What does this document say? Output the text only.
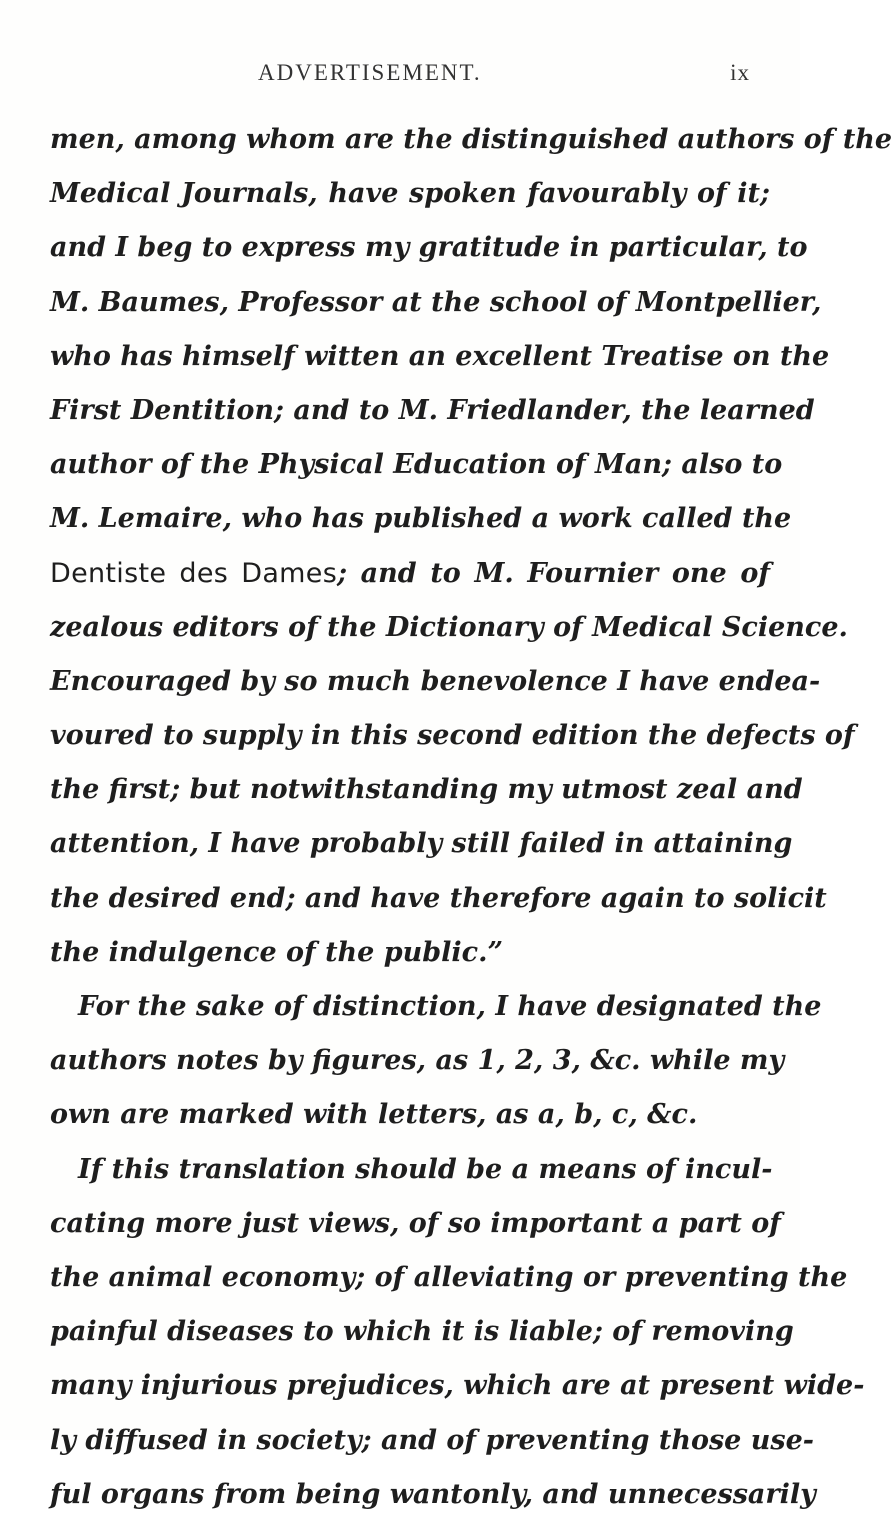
ADVERTISEMENT.	ix
men, among whom are the distinguished authors of the
Medical Journals, have spoken favourably of it;
and I beg to express my gratitude in particular, to
M. Baumes, Professor at the school of Montpellier,
who has himself witten an excellent Treatise on the
First Dentition; and to M. Friedlander, the learned
author of the Physical Education of Man; also to
M. Lemaire, who has published a work called the
Dentiste des Dames; and to M. Fournier one of
zealous editors of the Dictionary of Medical Science.
Encouraged by so much benevolence I have endea-
voured to supply in this second edition the defects of
the first; but notwithstanding my utmost zeal and
attention, I have probably still failed in attaining
the desired end; and have therefore again to solicit
the indulgence of the public.”
For the sake of distinction, I have designated the
authors notes by figures, as 1, 2, 3, &c. while my
own are marked with letters, as a, b, c, &c.
If this translation should be a means of incul-
cating more just views, of so important a part of
the animal economy; of alleviating or preventing the
painful diseases to which it is liable; of removing
many injurious prejudices, which are at present wide-
ly diffused in society; and of preventing those use-
ful organs from being wantonly, and unnecessarily
